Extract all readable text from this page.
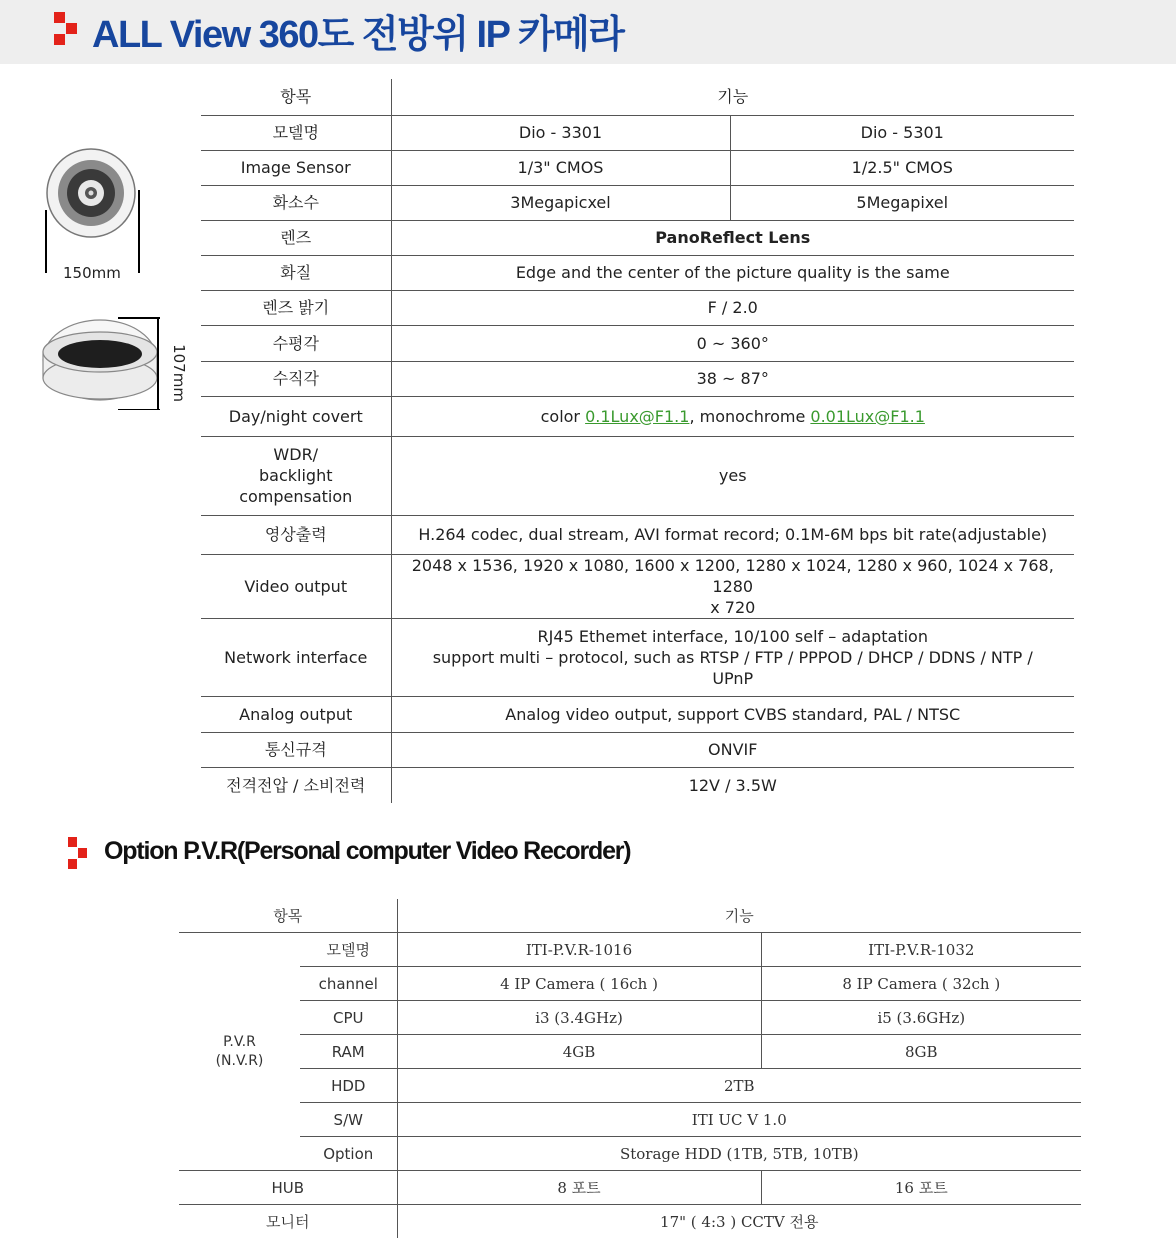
ALL View 360도 전방위 IP 카메라
150mm
107mm
항목	기능	
모델명	Dio - 3301	Dio - 5301
Image Sensor	1/3" CMOS	1/2.5" CMOS
화소수	3Megapicxel	5Megapixel
렌즈	PanoReflect Lens	
화질	Edge and the center of the picture quality is the same	
렌즈 밝기	F / 2.0	
수평각	0 ~ 360°	
수직각	38 ~ 87°	
Day/night covert	color 0.1Lux@F1.1, monochrome 0.01Lux@F1.1	

WDR/
backlight
compensation	yes	
영상출력	H.264 codec, dual stream, AVI format record; 0.1M-6M bps bit rate(adjustable)	
Video output	2048 x 1536, 1920 x 1080, 1600 x 1200, 1280 x 1024, 1280 x 960, 1024 x 768, 1280
x 720	

Network interface	RJ45 Ethemet interface, 10/100 self – adaptation
support multi – protocol, such as RTSP / FTP / PPPOD / DHCP / DDNS / NTP /
UPnP	

Analog output	Analog video output, support CVBS standard, PAL / NTSC	
통신규격	ONVIF	
전격전압 / 소비전력	12V / 3.5W	
Option P.V.R(Personal computer Video Recorder)
항목		기능	

P.V.R
(N.V.R)	모델명	ITI-P.V.R-1016	ITI-P.V.R-1032
	channel	4 IP Camera ( 16ch )	8 IP Camera ( 32ch )
	CPU	i3 (3.4GHz)	i5 (3.6GHz)
	RAM	4GB	8GB
	HDD	2TB	
	S/W	ITI UC V 1.0	
	Option	Storage HDD (1TB, 5TB, 10TB)	
HUB		8 포트	16 포트
모니터		17" ( 4:3 ) CCTV 전용	
